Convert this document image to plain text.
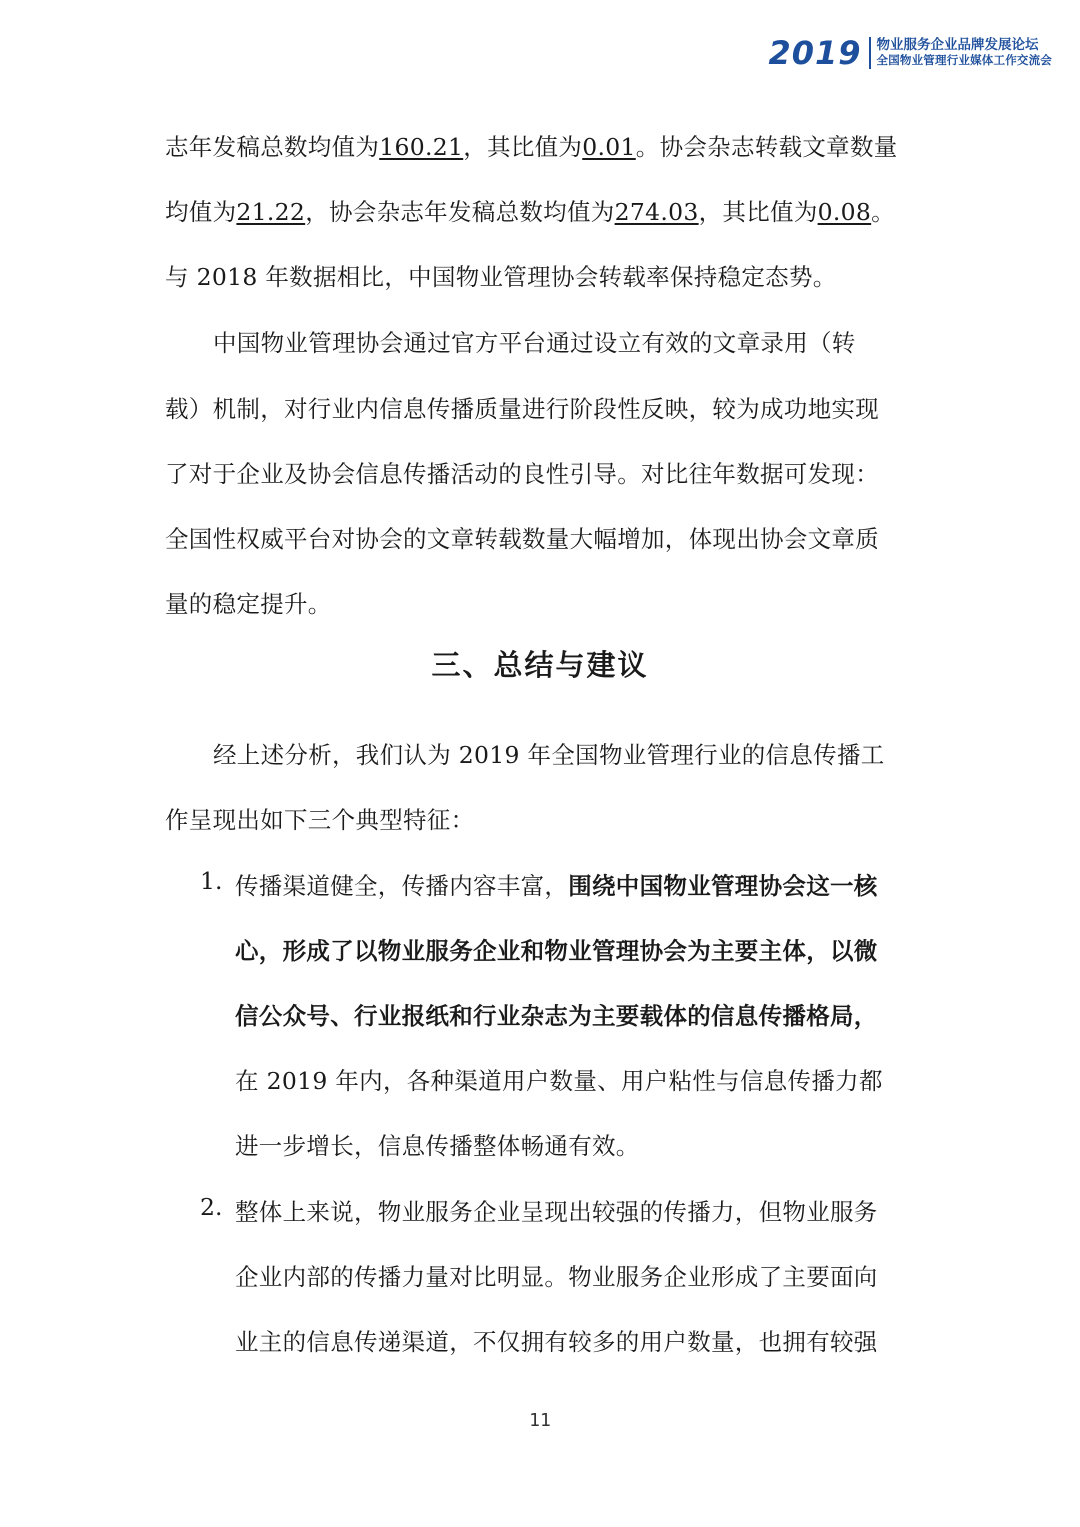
2019 物业服务企业品牌发展论坛
全国物业管理行业媒体工作交流会
志年发稿总数均值为160.21，其比值为0.01。协会杂志转载文章数量
均值为21.22，协会杂志年发稿总数均值为274.03，其比值为0.08。
与 2018 年数据相比，中国物业管理协会转载率保持稳定态势。
中国物业管理协会通过官方平台通过设立有效的文章录用（转
载）机制，对行业内信息传播质量进行阶段性反映，较为成功地实现
了对于企业及协会信息传播活动的良性引导。对比往年数据可发现：
全国性权威平台对协会的文章转载数量大幅增加，体现出协会文章质
量的稳定提升。
三、总结与建议
经上述分析，我们认为 2019 年全国物业管理行业的信息传播工
作呈现出如下三个典型特征：
1. 传播渠道健全，传播内容丰富，围绕中国物业管理协会这一核
心，形成了以物业服务企业和物业管理协会为主要主体，以微
信公众号、行业报纸和行业杂志为主要载体的信息传播格局，
在 2019 年内，各种渠道用户数量、用户粘性与信息传播力都
进一步增长，信息传播整体畅通有效。
2. 整体上来说，物业服务企业呈现出较强的传播力，但物业服务
企业内部的传播力量对比明显。物业服务企业形成了主要面向
业主的信息传递渠道，不仅拥有较多的用户数量，也拥有较强
11
